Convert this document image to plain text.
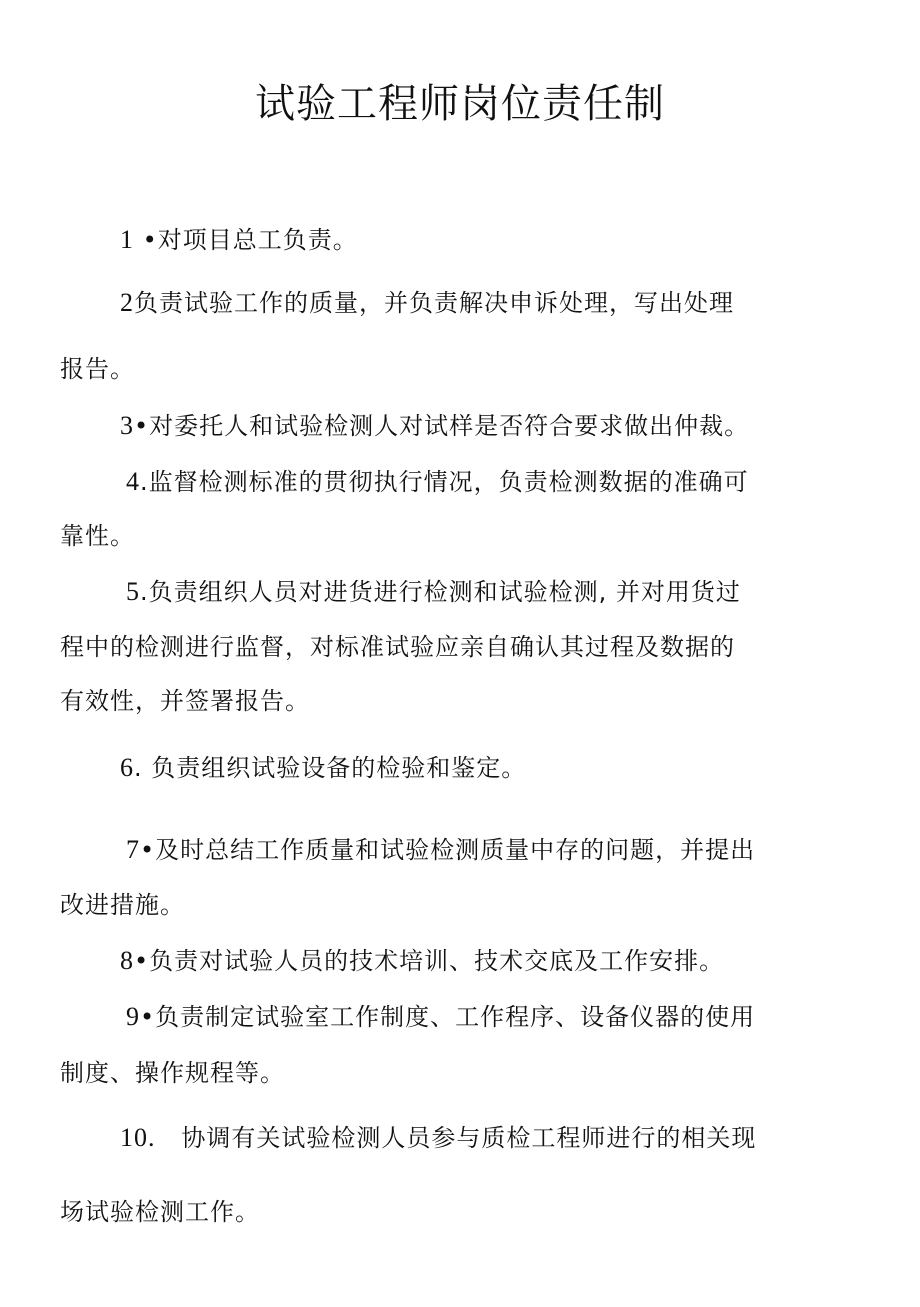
试验工程师岗位责任制
1 •对项目总工负责。
2负责试验工作的质量，并负责解决申诉处理，写出处理
报告。
3•对委托人和试验检测人对试样是否符合要求做出仲裁。
4.监督检测标准的贯彻执行情况，负责检测数据的准确可
靠性。
5.负责组织人员对进货进行检测和试验检测, 并对用货过
程中的检测进行监督，对标准试验应亲自确认其过程及数据的
有效性，并签署报告。
6. 负责组织试验设备的检验和鉴定。
7•及时总结工作质量和试验检测质量中存的问题，并提出
改进措施。
8•负责对试验人员的技术培训、技术交底及工作安排。
9•负责制定试验室工作制度、工作程序、设备仪器的使用
制度、操作规程等。
10.   协调有关试验检测人员参与质检工程师进行的相关现
场试验检测工作。
